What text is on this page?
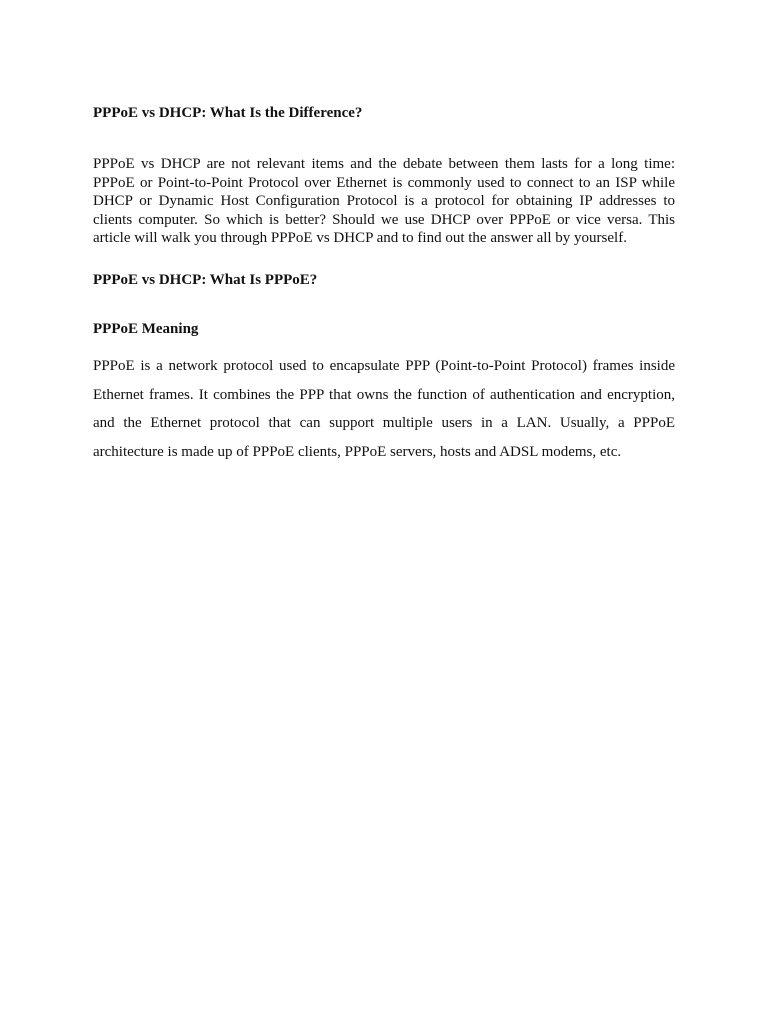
PPPoE vs DHCP: What Is the Difference?

PPPoE vs DHCP are not relevant items and the debate between them lasts for a long time: PPPoE or Point-to-Point Protocol over Ethernet is commonly used to connect to an ISP while DHCP or Dynamic Host Configuration Protocol is a protocol for obtaining IP addresses to clients computer. So which is better? Should we use DHCP over PPPoE or vice versa. This article will walk you through PPPoE vs DHCP and to find out the answer all by yourself.

PPPoE vs DHCP: What Is PPPoE?
PPPoE Meaning

PPPoE is a network protocol used to encapsulate PPP (Point-to-Point Protocol) frames inside Ethernet frames. It combines the PPP that owns the function of authentication and encryption, and the Ethernet protocol that can support multiple users in a LAN. Usually, a PPPoE architecture is made up of PPPoE clients, PPPoE servers, hosts and ADSL modems, etc.
